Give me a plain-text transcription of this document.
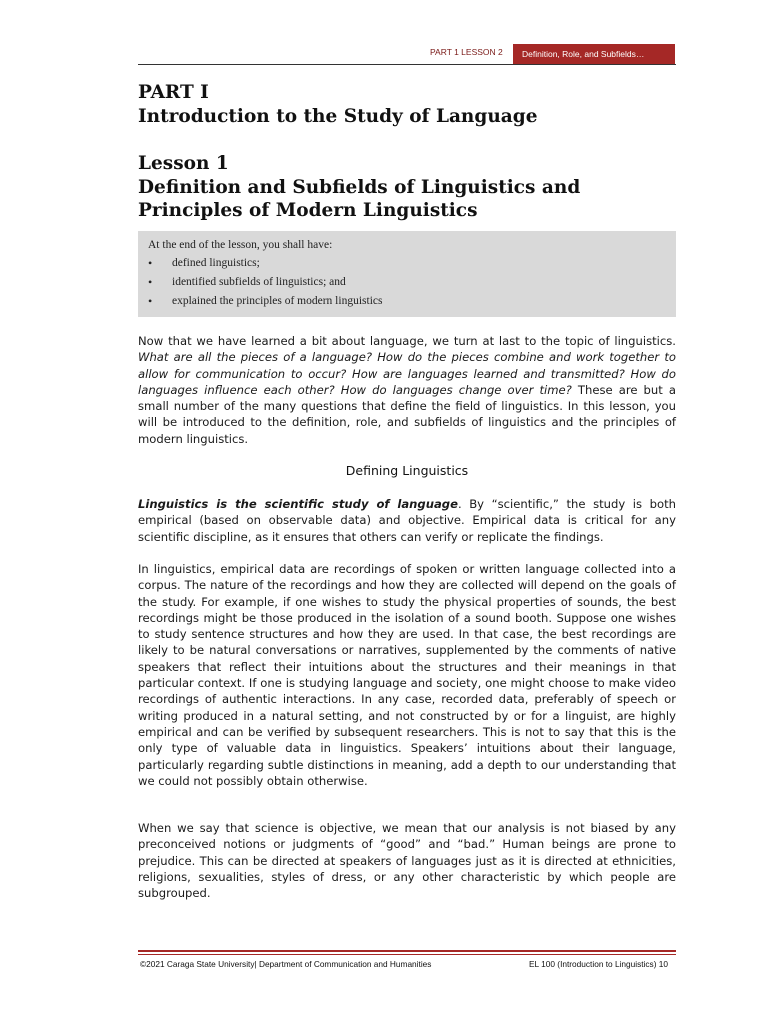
PART 1 LESSON 2	Definition, Role, and Subfields…
PART I
Introduction to the Study of Language
Lesson 1
Definition and Subfields of Linguistics and
Principles of Modern Linguistics
At the end of the lesson, you shall have:
• defined linguistics;
• identified subfields of linguistics; and
• explained the principles of modern linguistics

Now that we have learned a bit about language, we turn at last to the topic of linguistics. What are all the pieces of a language? How do the pieces combine and work together to allow for communication to occur? How are languages learned and transmitted? How do languages influence each other? How do languages change over time? These are but a small number of the many questions that define the field of linguistics. In this lesson, you will be introduced to the definition, role, and subfields of linguistics and the principles of modern linguistics.

Defining Linguistics

Linguistics is the scientific study of language. By “scientific,” the study is both empirical (based on observable data) and objective. Empirical data is critical for any scientific discipline, as it ensures that others can verify or replicate the findings.

In linguistics, empirical data are recordings of spoken or written language collected into a corpus. The nature of the recordings and how they are collected will depend on the goals of the study. For example, if one wishes to study the physical properties of sounds, the best recordings might be those produced in the isolation of a sound booth. Suppose one wishes to study sentence structures and how they are used. In that case, the best recordings are likely to be natural conversations or narratives, supplemented by the comments of native speakers that reflect their intuitions about the structures and their meanings in that particular context. If one is studying language and society, one might choose to make video recordings of authentic interactions. In any case, recorded data, preferably of speech or writing produced in a natural setting, and not constructed by or for a linguist, are highly empirical and can be verified by subsequent researchers. This is not to say that this is the only type of valuable data in linguistics. Speakers’ intuitions about their language, particularly regarding subtle distinctions in meaning, add a depth to our understanding that we could not possibly obtain otherwise.

When we say that science is objective, we mean that our analysis is not biased by any preconceived notions or judgments of “good” and “bad.” Human beings are prone to prejudice. This can be directed at speakers of languages just as it is directed at ethnicities, religions, sexualities, styles of dress, or any other characteristic by which people are subgrouped.

©2021 Caraga State University| Department of Communication and Humanities	EL 100 (Introduction to Linguistics) 10
